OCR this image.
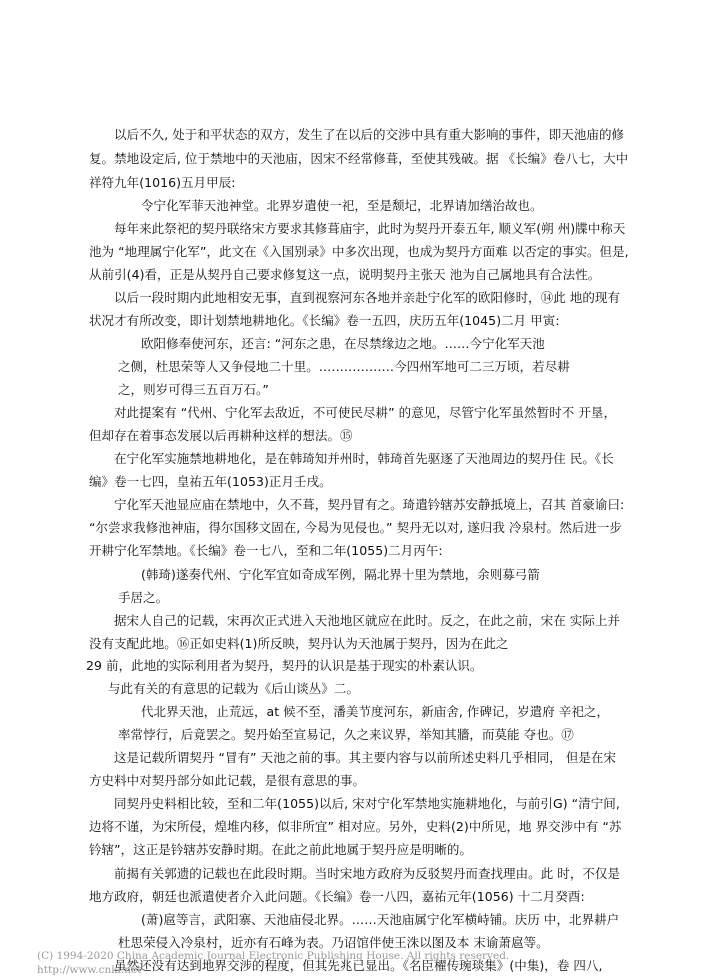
以后不久, 处于和平状态的双方，发生了在以后的交涉中具有重大影响的事件，即天池庙的修
复。禁地设定后, 位于禁地中的天池庙，因宋不经常修葺，至使其残破。据 《长编》卷八七，大中
祥符九年(1016)五月甲辰:
令宁化军菲天池神堂。北界岁遣使一祀，至是颓圮，北界请加缮治故也。
每年来此祭祀的契丹联络宋方要求其修葺庙宇，此时为契丹开泰五年, 顺义军(朔 州)牒中称天
池为 “地理属宁化军”，此文在《入国别录》中多次出现，也成为契丹方面难 以否定的事实。但是,
从前引(4)看，正是从契丹自己要求修复这一点，说明契丹主张天 池为自己属地具有合法性。
以后一段时期内此地相安无事，直到视察河东各地并亲赴宁化军的欧阳修时，⑭此 地的现有
状况才有所改变，即计划禁地耕地化。《长编》卷一五四，庆历五年(1045)二月 甲寅:
欧阳修奉使河东，还言: “河东之患，在尽禁缘边之地。……今宁化军天池
之侧，杜思荣等人又争侵地二十里。………………今四州军地可二三万顷，若尽耕
之，则岁可得三五百万石。”
对此提案有 “代州、宁化军去敌近，不可使民尽耕” 的意见，尽管宁化军虽然暂时不 开垦，
但却存在着事态发展以后再耕种这样的想法。⑮
在宁化军实施禁地耕地化，是在韩琦知并州时，韩琦首先驱逐了天池周边的契丹住 民。《长
编》卷一七四，皇祐五年(1053)正月壬戌。
宁化军天池显应庙在禁地中，久不葺，契丹冒有之。琦遣钤辖苏安静抵境上，召其 首豪谕曰:
“尔尝求我修池神庙，得尔国移文固在, 今曷为见侵也。” 契丹无以对, 遂归我 冷泉村。然后进一步
开耕宁化军禁地。《长编》卷一七八，至和二年(1055)二月丙午:
(韩琦)遂奏代州、宁化军宜如奇成军例，隔北界十里为禁地，余则募弓箭
手居之。
据宋人自己的记载，宋再次正式进入天池地区就应在此时。反之，在此之前，宋在 实际上并
没有支配此地。⑯正如史料(1)所反映，契丹认为天池属于契丹，因为在此之
29 前，此地的实际利用者为契丹，契丹的认识是基于现实的朴素认识。
与此有关的有意思的记载为《后山谈丛》二。
代北界天池，止荒远，at 候不至，潘美节度河东，新庙舍, 作碑记，岁遣府 辛祀之，
率常悖行，后竟罢之。契丹始至宣易记，久之来议界，举知其牆，而莫能 夺也。⑰
这是记载所谓契丹 “冒有” 天池之前的事。其主要内容与以前所述史料几乎相同， 但是在宋
方史料中对契丹部分如此记载，是很有意思的事。
同契丹史料相比较，至和二年(1055)以后, 宋对宁化军禁地实施耕地化，与前引G) “清宁间,
边将不谨，为宋所侵，煌堆内移，似非所宜” 相对应。另外，史料(2)中所见，地 界交涉中有 “苏
钤辖”，这正是钤辖苏安静时期。在此之前此地属于契丹应是明晰的。
前揭有关郭遗的记载也在此段时期。当时宋地方政府为反驳契丹而查找理由。此 时，不仅是
地方政府，朝廷也派遣使者介入此问题。《长编》卷一八四，嘉祐元年(1056) 十二月癸酉:
(萧)扈等言，武阳寨、天池庙侵北界。……天池庙属宁化军横峙铺。庆历 中，北界耕户
杜思荣侵入冷泉村，近亦有石峰为表。乃诏馆伴使王洙以图及本 末谕萧扈等。
虽然还没有达到地界交涉的程度，但其先兆已显出。《名臣櫂传琬琰集》(中集)，卷 四八,
(C) 1994-2020 China Academic Journal Electronic Publishing House. All rights reserved.
http://www.cnki.net
